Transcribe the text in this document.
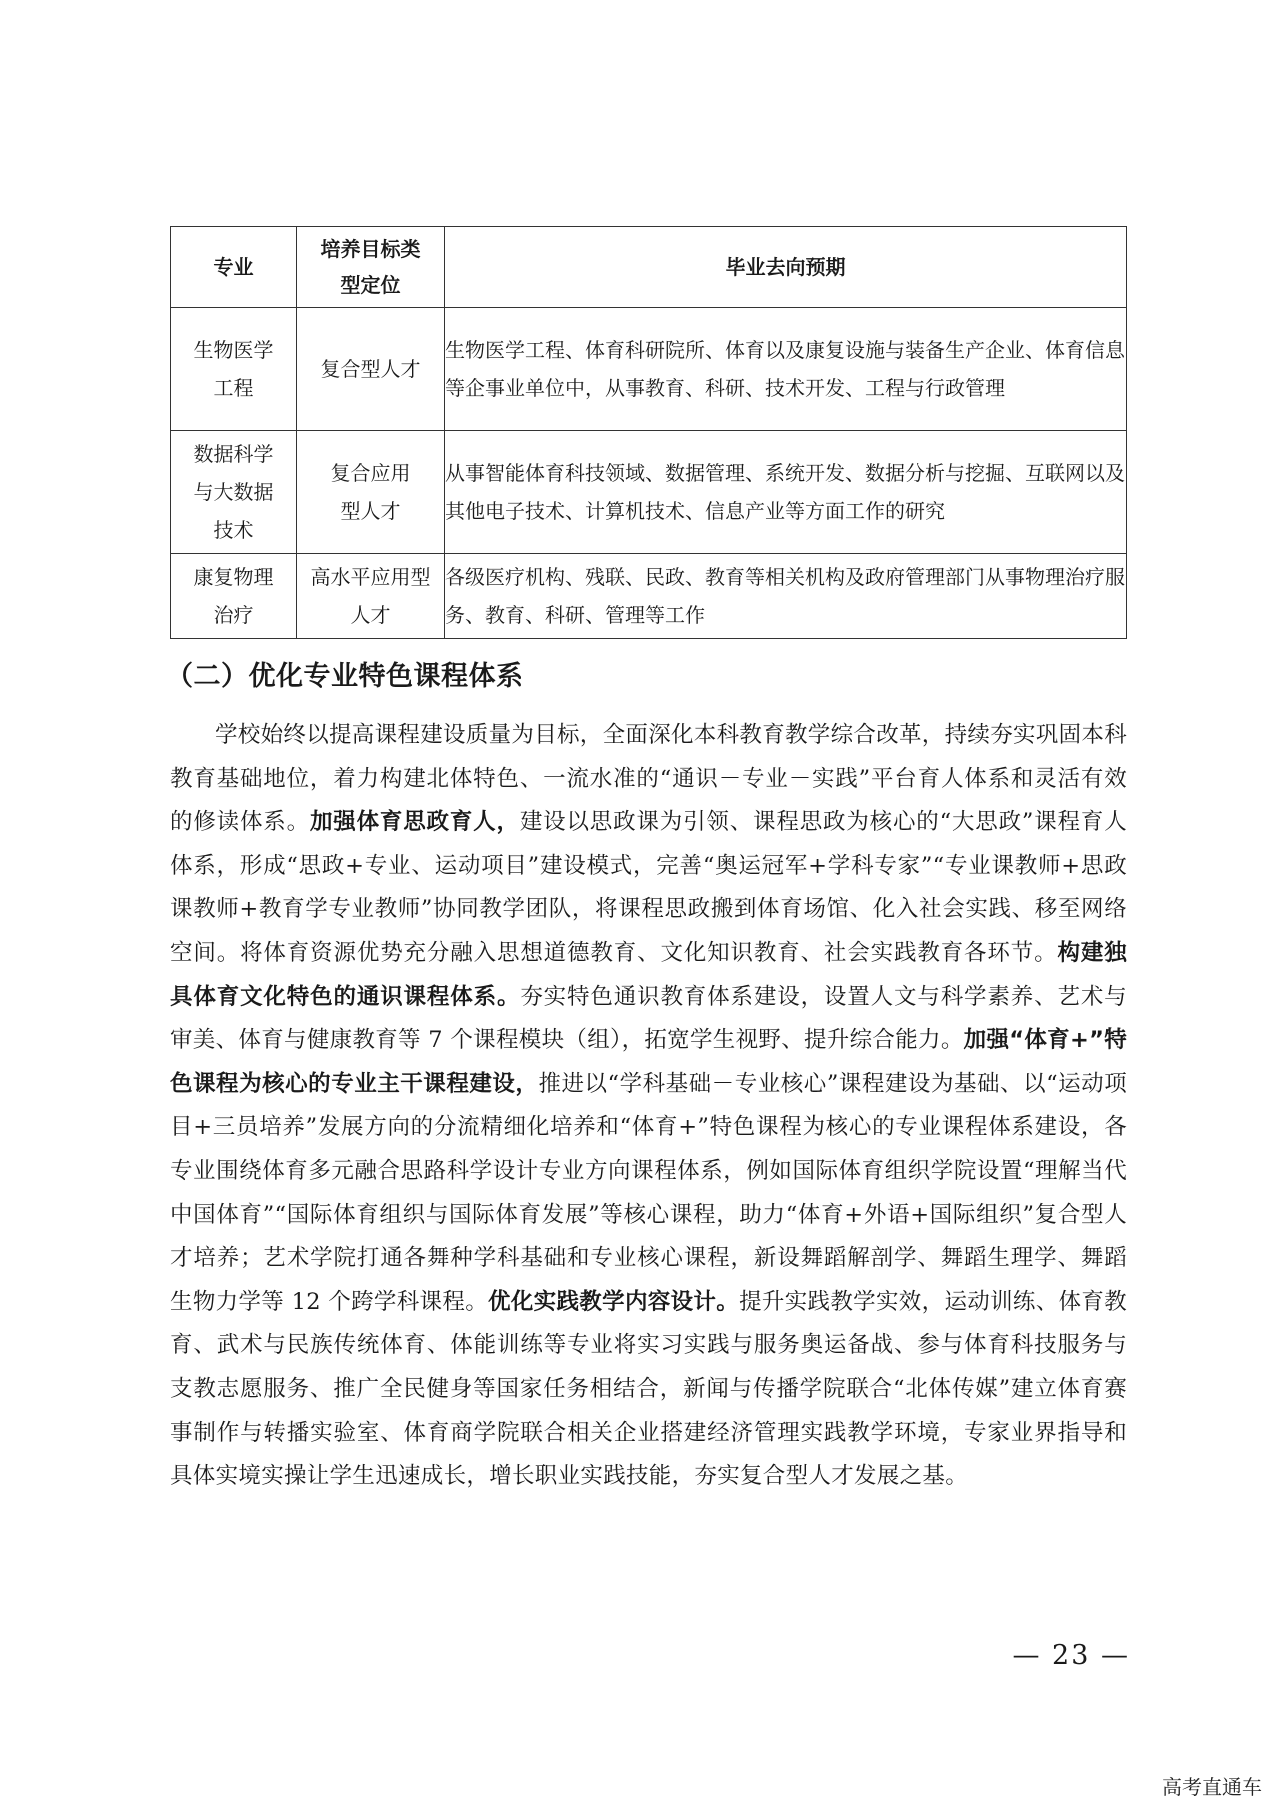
专业	培养目标类型定位	毕业去向预期
生物医学工程	复合型人才	生物医学工程、体育科研院所、体育以及康复设施与装备生产企业、体育信息等企事业单位中，从事教育、科研、技术开发、工程与行政管理
数据科学与大数据技术	复合应用型人才	从事智能体育科技领域、数据管理、系统开发、数据分析与挖掘、互联网以及其他电子技术、计算机技术、信息产业等方面工作的研究
康复物理治疗	高水平应用型人才	各级医疗机构、残联、民政、教育等相关机构及政府管理部门从事物理治疗服务、教育、科研、管理等工作
（二）优化专业特色课程体系

学校始终以提高课程建设质量为目标，全面深化本科教育教学综合改革，持续夯实巩固本科教育基础地位，着力构建北体特色、一流水准的“通识－专业－实践”平台育人体系和灵活有效的修读体系。加强体育思政育人，建设以思政课为引领、课程思政为核心的“大思政”课程育人体系，形成“思政+专业、运动项目”建设模式，完善“奥运冠军+学科专家”“专业课教师+思政课教师+教育学专业教师”协同教学团队，将课程思政搬到体育场馆、化入社会实践、移至网络空间。将体育资源优势充分融入思想道德教育、文化知识教育、社会实践教育各环节。构建独具体育文化特色的通识课程体系。夯实特色通识教育体系建设，设置人文与科学素养、艺术与审美、体育与健康教育等 7 个课程模块（组），拓宽学生视野、提升综合能力。加强“体育+”特色课程为核心的专业主干课程建设，推进以“学科基础－专业核心”课程建设为基础、以“运动项目+三员培养”发展方向的分流精细化培养和“体育+”特色课程为核心的专业课程体系建设，各专业围绕体育多元融合思路科学设计专业方向课程体系，例如国际体育组织学院设置“理解当代中国体育”“国际体育组织与国际体育发展”等核心课程，助力“体育+外语+国际组织”复合型人才培养；艺术学院打通各舞种学科基础和专业核心课程，新设舞蹈解剖学、舞蹈生理学、舞蹈生物力学等 12 个跨学科课程。优化实践教学内容设计。提升实践教学实效，运动训练、体育教育、武术与民族传统体育、体能训练等专业将实习实践与服务奥运备战、参与体育科技服务与支教志愿服务、推广全民健身等国家任务相结合，新闻与传播学院联合“北体传媒”建立体育赛事制作与转播实验室、体育商学院联合相关企业搭建经济管理实践教学环境，专家业界指导和具体实境实操让学生迅速成长，增长职业实践技能，夯实复合型人才发展之基。

— 23 —
高考直通车
